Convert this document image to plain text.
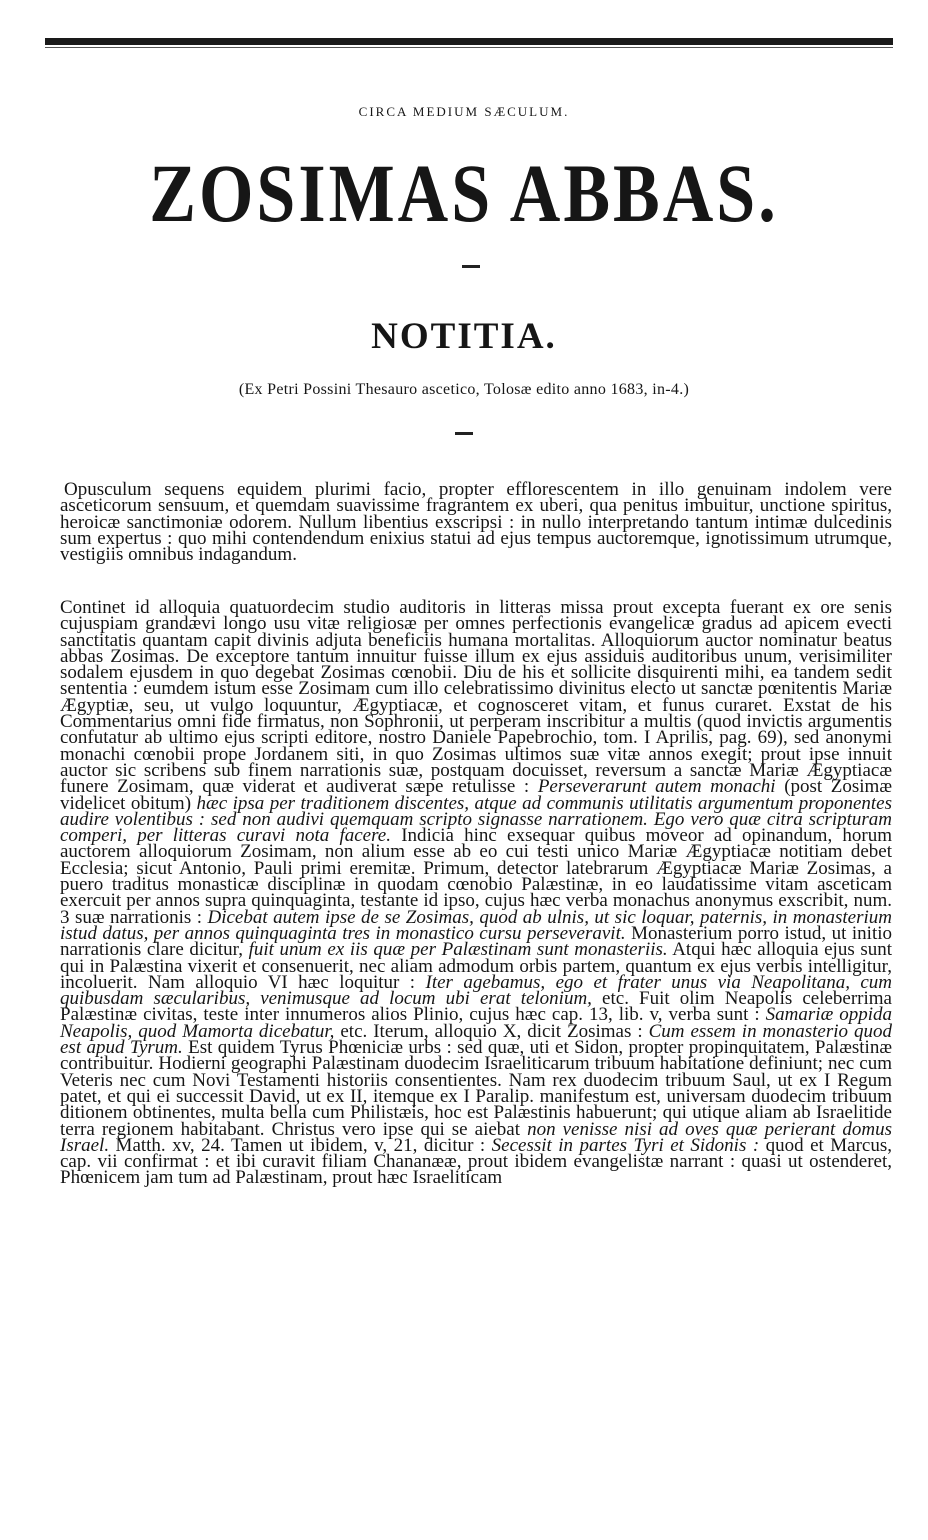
CIRCA MEDIUM SÆCULUM.
ZOSIMAS ABBAS.
NOTITIA.
(Ex Petri Possini Thesauro ascetico, Tolosæ edito anno 1683, in-4.)

Opusculum sequens equidem plurimi facio, propter efflorescentem in illo genuinam indolem vere asceticorum sensuum, et quemdam suavissime fragrantem ex uberi, qua penitus imbuitur, unctione spiritus, heroicæ sanctimoniæ odorem. Nullum libentius exscripsi : in nullo interpretando tantum intimæ dulcedinis sum expertus : quo mihi contendendum enixius statui ad ejus tempus auctoremque, ignotissimum utrumque, vestigiis omnibus indagandum.

Continet id alloquia quatuordecim studio auditoris in litteras missa prout excepta fuerant ex ore senis cujuspiam grandævi longo usu vitæ religiosæ per omnes perfectionis evangelicæ gradus ad apicem evecti sanctitatis quantam capit divinis adjuta beneficiis humana mortalitas. Alloquiorum auctor nominatur beatus abbas Zosimas. De exceptore tantum innuitur fuisse illum ex ejus assiduis auditoribus unum, verisimiliter sodalem ejusdem in quo degebat Zosimas cœnobii. Diu de his et sollicite disquirenti mihi, ea tandem sedit sententia : eumdem istum esse Zosimam cum illo celebratissimo divinitus electo ut sanctæ pœnitentis Mariæ Ægyptiæ, seu, ut vulgo loquuntur, Ægyptiacæ, et cognosceret vitam, et funus curaret. Exstat de his Commentarius omni fide firmatus, non Sophronii, ut perperam inscribitur a multis (quod invictis argumentis confutatur ab ultimo ejus scripti editore, nostro Daniele Papebrochio, tom. I Aprilis, pag. 69), sed anonymi monachi cœnobii prope Jordanem siti, in quo Zosimas ultimos suæ vitæ annos exegit; prout ipse innuit auctor sic scribens sub finem narrationis suæ, postquam docuisset, reversum a sanctæ Mariæ Ægyptiacæ funere Zosimam, quæ viderat et audiverat sæpe retulisse : Perseverarunt autem monachi (post Zosimæ videlicet obitum) hæc ipsa per traditionem discentes, atque ad communis utilitatis argumentum proponentes audire volentibus : sed non audivi quemquam scripto signasse narrationem. Ego vero quæ citra scripturam comperi, per litteras curavi nota facere. Indicia hinc exsequar quibus moveor ad opinandum, horum auctorem alloquiorum Zosimam, non alium esse ab eo cui testi unico Mariæ Ægyptiacæ notitiam debet Ecclesia; sicut Antonio, Pauli primi eremitæ. Primum, detector latebrarum Ægyptiacæ Mariæ Zosimas, a puero traditus monasticæ disciplinæ in quodam cœnobio Palæstinæ, in eo laudatissime vitam asceticam exercuit per annos supra quinquaginta, testante id ipso, cujus hæc verba monachus anonymus exscribit, num. 3 suæ narrationis : Dicebat autem ipse de se Zosimas, quod ab ulnis, ut sic loquar, paternis, in monasterium istud datus, per annos quinquaginta tres in monastico cursu perseveravit. Monasterium porro istud, ut initio narrationis clare dicitur, fuit unum ex iis quæ per Palæstinam sunt monasteriis. Atqui hæc alloquia ejus sunt qui in Palæstina vixerit et consenuerit, nec aliam admodum orbis partem, quantum ex ejus verbis intelligitur, incoluerit. Nam alloquio VI hæc loquitur : Iter agebamus, ego et frater unus via Neapolitana, cum quibusdam sæcularibus, venimusque ad locum ubi erat telonium, etc. Fuit olim Neapolis celeberrima Palæstinæ civitas, teste inter innumeros alios Plinio, cujus hæc cap. 13, lib. v, verba sunt : Samariæ oppida Neapolis, quod Mamorta dicebatur, etc. Iterum, alloquio X, dicit Zosimas : Cum essem in monasterio quod est apud Tyrum. Est quidem Tyrus Phœniciæ urbs : sed quæ, uti et Sidon, propter propinquitatem, Palæstinæ contribuitur. Hodierni geographi Palæstinam duodecim Israeliticarum tribuum habitatione definiunt; nec cum Veteris nec cum Novi Testamenti historiis consentientes. Nam rex duodecim tribuum Saul, ut ex I Regum patet, et qui ei successit David, ut ex II, itemque ex I Paralip. manifestum est, universam duodecim tribuum ditionem obtinentes, multa bella cum Philistæis, hoc est Palæstinis habuerunt; qui utique aliam ab Israelitide terra regionem habitabant. Christus vero ipse qui se aiebat non venisse nisi ad oves quæ perierant domus Israel. Matth. xv, 24. Tamen ut ibidem, v, 21, dicitur : Secessit in partes Tyri et Sidonis : quod et Marcus, cap. vii confirmat : et ibi curavit filiam Chananææ, prout ibidem evangelistæ narrant : quasi ut ostenderet, Phœnicem jam tum ad Palæstinam, prout hæc Israeliticam
